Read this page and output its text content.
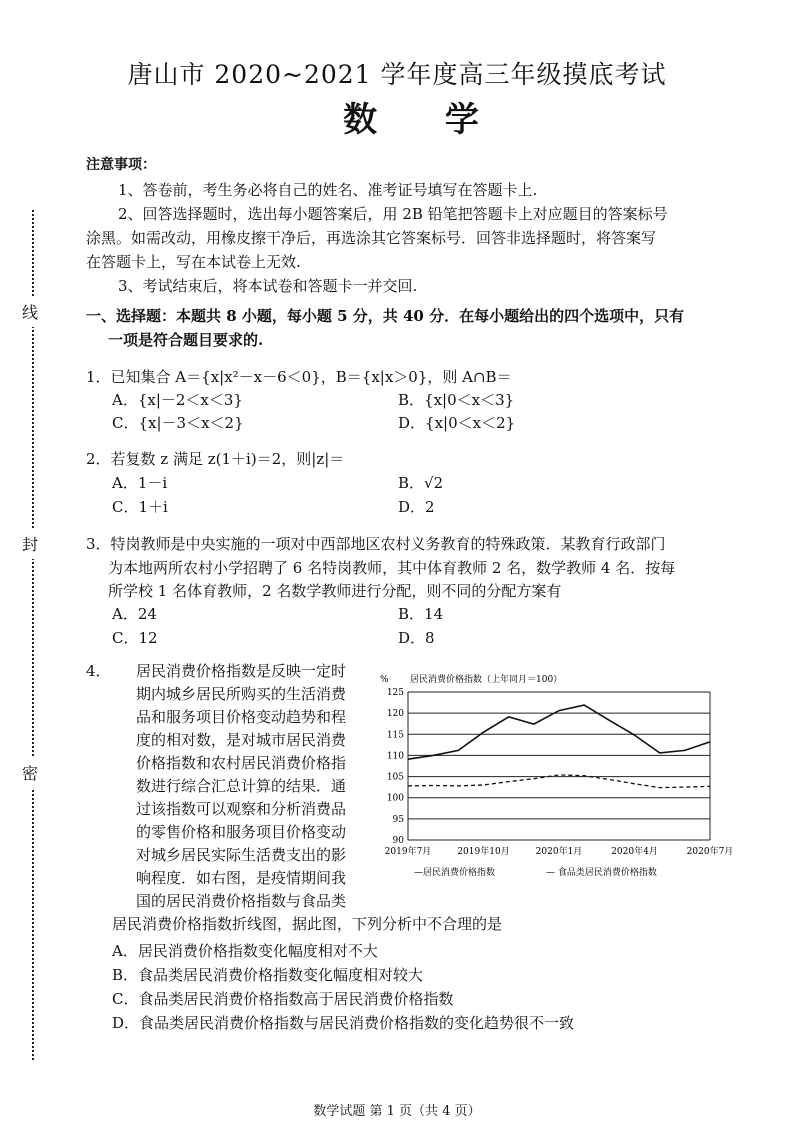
线
封
密
唐山市 2020~2021 学年度高三年级摸底考试
数 学
注意事项：
1、答卷前，考生务必将自己的姓名、准考证号填写在答题卡上.
2、回答选择题时，选出每小题答案后，用 2B 铅笔把答题卡上对应题目的答案标号
涂黑。如需改动，用橡皮擦干净后，再选涂其它答案标号．回答非选择题时，将答案写
在答题卡上，写在本试卷上无效.
3、考试结束后，将本试卷和答题卡一并交回.
一、选择题：本题共 8 小题，每小题 5 分，共 40 分．在每小题给出的四个选项中，只有
一项是符合题目要求的.
1．已知集合 A＝{x|x²－x－6＜0}，B＝{x|x＞0}，则 A∩B＝
A．{x|－2＜x＜3}	B．{x|0＜x＜3}
C．{x|－3＜x＜2}	D．{x|0＜x＜2}
2．若复数 z 满足 z(1＋i)＝2，则|z|＝
A．1－i	B．√2
C．1＋i	D．2
3．特岗教师是中央实施的一项对中西部地区农村义务教育的特殊政策．某教育行政部门
为本地两所农村小学招聘了 6 名特岗教师，其中体育教师 2 名，数学教师 4 名．按每
所学校 1 名体育教师，2 名数学教师进行分配，则不同的分配方案有
A．24	B．14
C．12	D．8
4． 居民消费价格指数是反映一定时
期内城乡居民所购买的生活消费
品和服务项目价格变动趋势和程
度的相对数，是对城市居民消费
价格指数和农村居民消费价格指
数进行综合汇总计算的结果．通
过该指数可以观察和分析消费品
的零售价格和服务项目价格变动
对城乡居民实际生活费支出的影
响程度．如右图，是疫情期间我
国的居民消费价格指数与食品类
居民消费价格指数折线图，据此图，下列分析中不合理的是
A．居民消费价格指数变化幅度相对不大
B．食品类居民消费价格指数变化幅度相对较大
C．食品类居民消费价格指数高于居民消费价格指数
D．食品类居民消费价格指数与居民消费价格指数的变化趋势很不一致
居民消费价格指数（上年同月＝100）
%
125
120
115
110
105
100
95
90
2019年7月	2019年10月	2020年1月	2020年4月	2020年7月
—居民消费价格指数	— 食品类居民消费价格指数
数学试题 第 1 页（共 4 页）
